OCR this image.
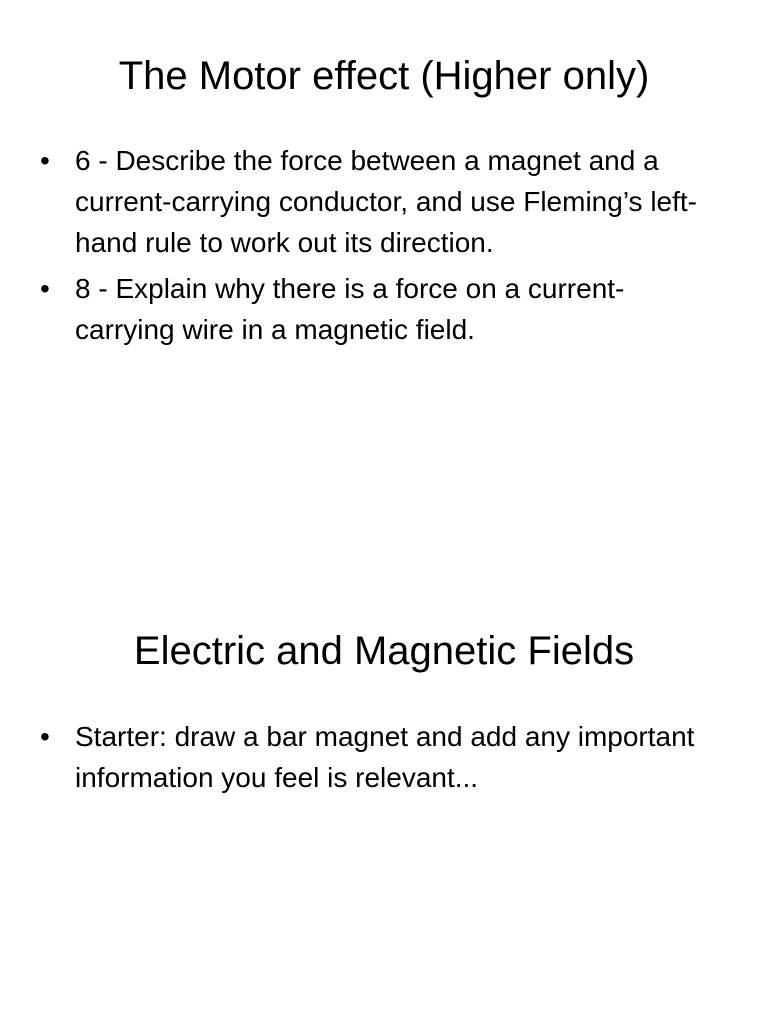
The Motor effect (Higher only)
• 6 - Describe the force between a magnet and a current-carrying conductor, and use Fleming’s left-hand rule to work out its direction.
• 8 - Explain why there is a force on a current-carrying wire in a magnetic field.
Electric and Magnetic Fields
• Starter: draw a bar magnet and add any important information you feel is relevant...
